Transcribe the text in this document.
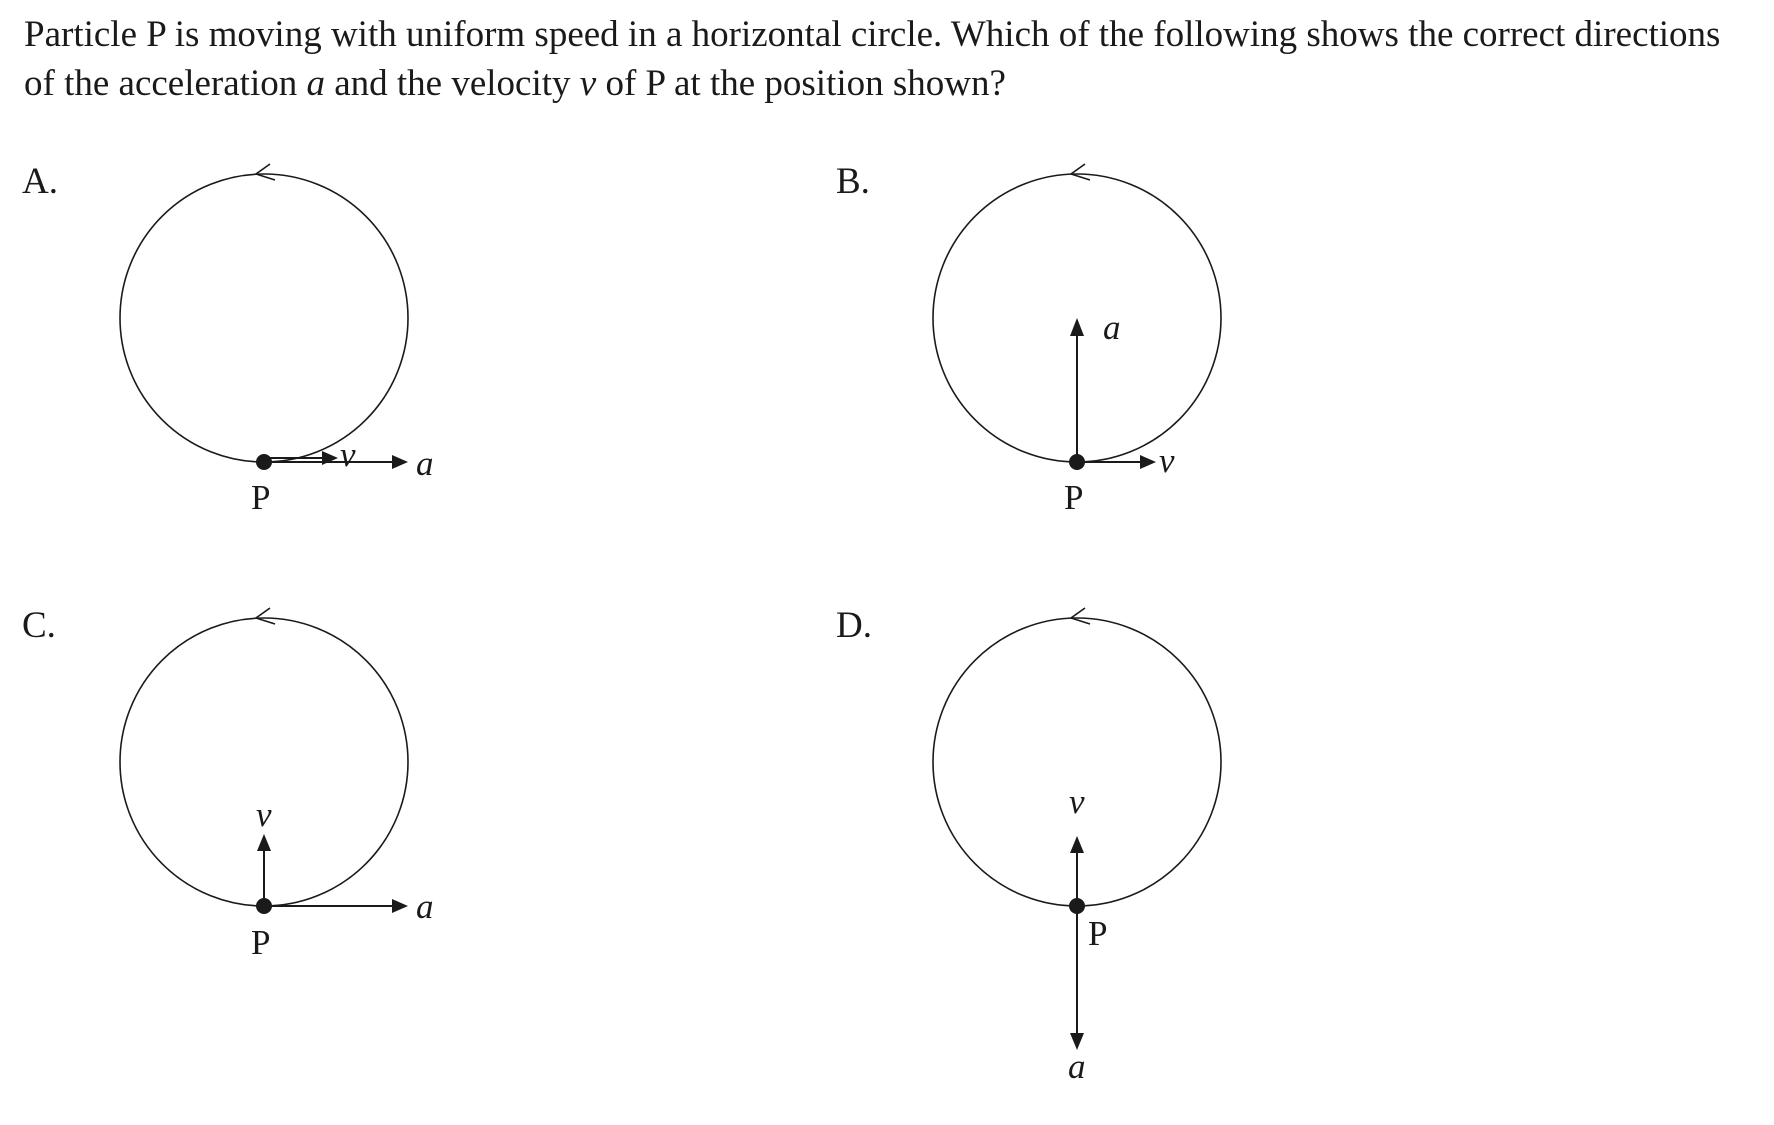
Particle P is moving with uniform speed in a horizontal circle. Which of the following shows the correct directions of the acceleration a and the velocity v of P at the position shown?

A.
v a
P
B.
a
v
P
C.
v
a
P
D.
v
a
P
